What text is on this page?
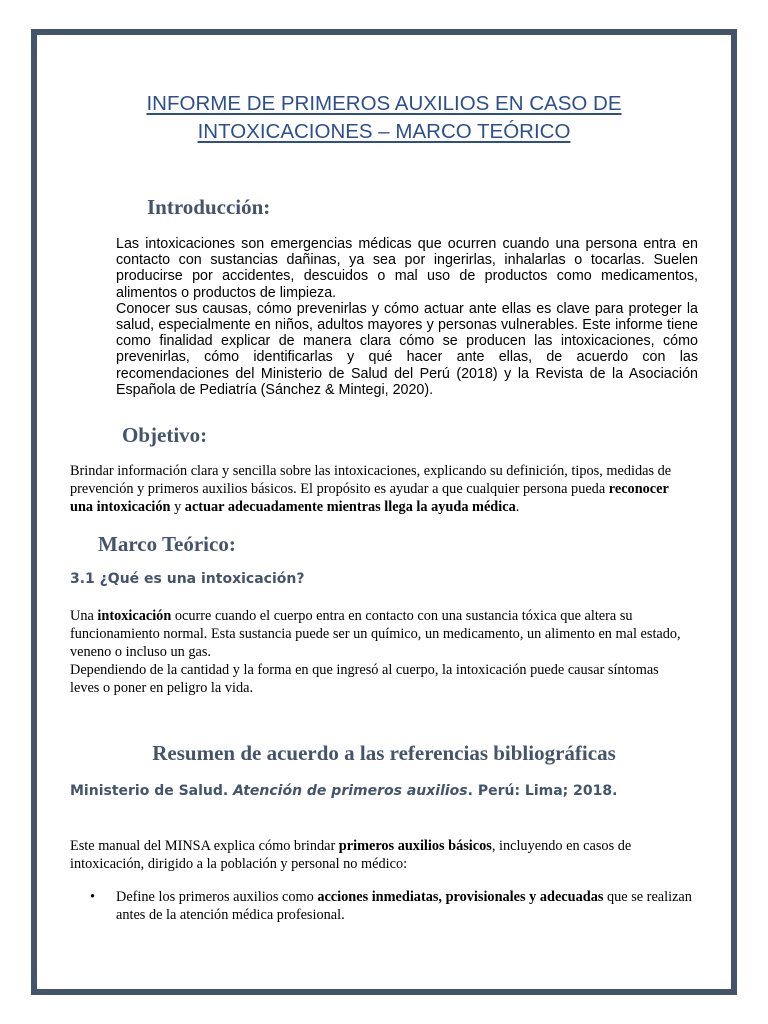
INFORME DE PRIMEROS AUXILIOS EN CASO DE
INTOXICACIONES – MARCO TEÓRICO
Introducción:

Las intoxicaciones son emergencias médicas que ocurren cuando una persona entra en contacto con sustancias dañinas, ya sea por ingerirlas, inhalarlas o tocarlas. Suelen producirse por accidentes, descuidos o mal uso de productos como medicamentos, alimentos o productos de limpieza.

Conocer sus causas, cómo prevenirlas y cómo actuar ante ellas es clave para proteger la salud, especialmente en niños, adultos mayores y personas vulnerables. Este informe tiene como finalidad explicar de manera clara cómo se producen las intoxicaciones, cómo prevenirlas, cómo identificarlas y qué hacer ante ellas, de acuerdo con las recomendaciones del Ministerio de Salud del Perú (2018) y la Revista de la Asociación Española de Pediatría (Sánchez & Mintegi, 2020).

Objetivo:

Brindar información clara y sencilla sobre las intoxicaciones, explicando su definición, tipos, medidas de prevención y primeros auxilios básicos. El propósito es ayudar a que cualquier persona pueda reconocer una intoxicación y actuar adecuadamente mientras llega la ayuda médica.

Marco Teórico:
3.1 ¿Qué es una intoxicación?

Una intoxicación ocurre cuando el cuerpo entra en contacto con una sustancia tóxica que altera su funcionamiento normal. Esta sustancia puede ser un químico, un medicamento, un alimento en mal estado, veneno o incluso un gas.

Dependiendo de la cantidad y la forma en que ingresó al cuerpo, la intoxicación puede causar síntomas leves o poner en peligro la vida.

Resumen de acuerdo a las referencias bibliográficas
Ministerio de Salud. Atención de primeros auxilios. Perú: Lima; 2018.

Este manual del MINSA explica cómo brindar primeros auxilios básicos, incluyendo en casos de intoxicación, dirigido a la población y personal no médico:

• Define los primeros auxilios como acciones inmediatas, provisionales y adecuadas que se realizan antes de la atención médica profesional.
